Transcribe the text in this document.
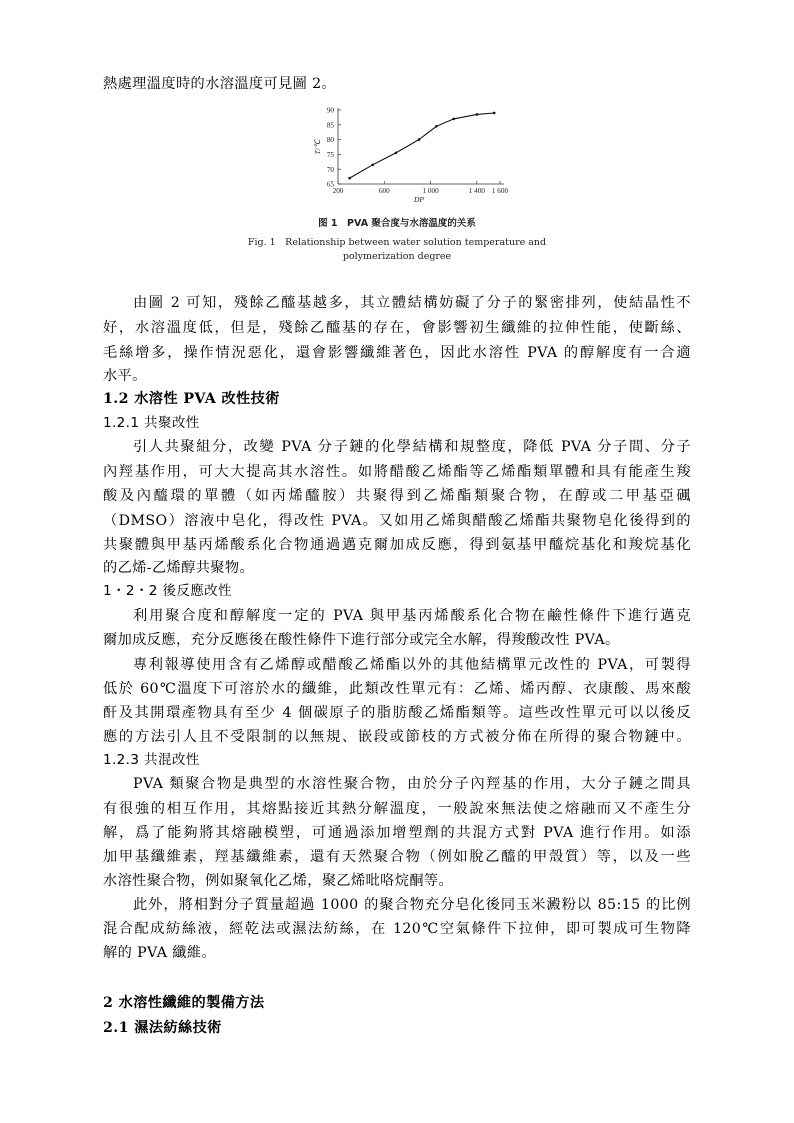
熱處理溫度時的水溶溫度可見圖 2。
90
85
80
75
70
65
200	600	1 000	1 400 1 600
T/℃
DP
图 1　PVA 聚合度与水溶温度的关系
Fig. 1　Relationship between water solution temperature and
polymerization degree
由圖 2 可知，殘餘乙醯基越多，其立體結構妨礙了分子的緊密排列，使結晶性不
好，水溶溫度低，但是，殘餘乙醯基的存在，會影響初生纖維的拉伸性能，使斷絲、
毛絲增多，操作情況惡化，還會影響纖維著色，因此水溶性 PVA 的醇解度有一合適
水平。
1.2 水溶性 PVA 改性技術
1.2.1 共聚改性
引人共聚組分，改變 PVA 分子鏈的化學結構和規整度，降低 PVA 分子間、分子
內羥基作用，可大大提高其水溶性。如將醋酸乙烯酯等乙烯酯類單體和具有能產生羧
酸及內醯環的單體（如丙烯醯胺）共聚得到乙烯酯類聚合物，在醇或二甲基亞碸
（DMSO）溶液中皂化，得改性 PVA。又如用乙烯與醋酸乙烯酯共聚物皂化後得到的
共聚體與甲基丙烯酸系化合物通過邁克爾加成反應，得到氨基甲醯烷基化和羧烷基化
的乙烯-乙烯醇共聚物。
1・2・2 後反應改性
利用聚合度和醇解度一定的 PVA 與甲基丙烯酸系化合物在鹼性條件下進行邁克
爾加成反應，充分反應後在酸性條件下進行部分或完全水解，得羧酸改性 PVA。
專利報導使用含有乙烯醇或醋酸乙烯酯以外的其他結構單元改性的 PVA，可製得
低於 60℃溫度下可溶於水的纖維，此類改性單元有：乙烯、烯丙醇、衣康酸、馬來酸
酐及其開環產物具有至少 4 個碳原子的脂肪酸乙烯酯類等。這些改性單元可以以後反
應的方法引人且不受限制的以無規、嵌段或節枝的方式被分佈在所得的聚合物鏈中。
1.2.3 共混改性
PVA 類聚合物是典型的水溶性聚合物，由於分子內羥基的作用，大分子鏈之間具
有很強的相互作用，其熔點接近其熱分解溫度，一般說來無法使之熔融而又不產生分
解，爲了能夠將其熔融模塑，可通過添加增塑劑的共混方式對 PVA 進行作用。如添
加甲基纖維素，羥基纖維素，還有天然聚合物（例如脫乙醯的甲殼質）等，以及一些
水溶性聚合物，例如聚氧化乙烯，聚乙烯吡咯烷酮等。
此外，將相對分子質量超過 1000 的聚合物充分皂化後同玉米澱粉以 85:15 的比例
混合配成紡絲液，經乾法或濕法紡絲，在 120℃空氣條件下拉伸，即可製成可生物降
解的 PVA 纖維。
2 水溶性纖維的製備方法
2.1 濕法紡絲技術
